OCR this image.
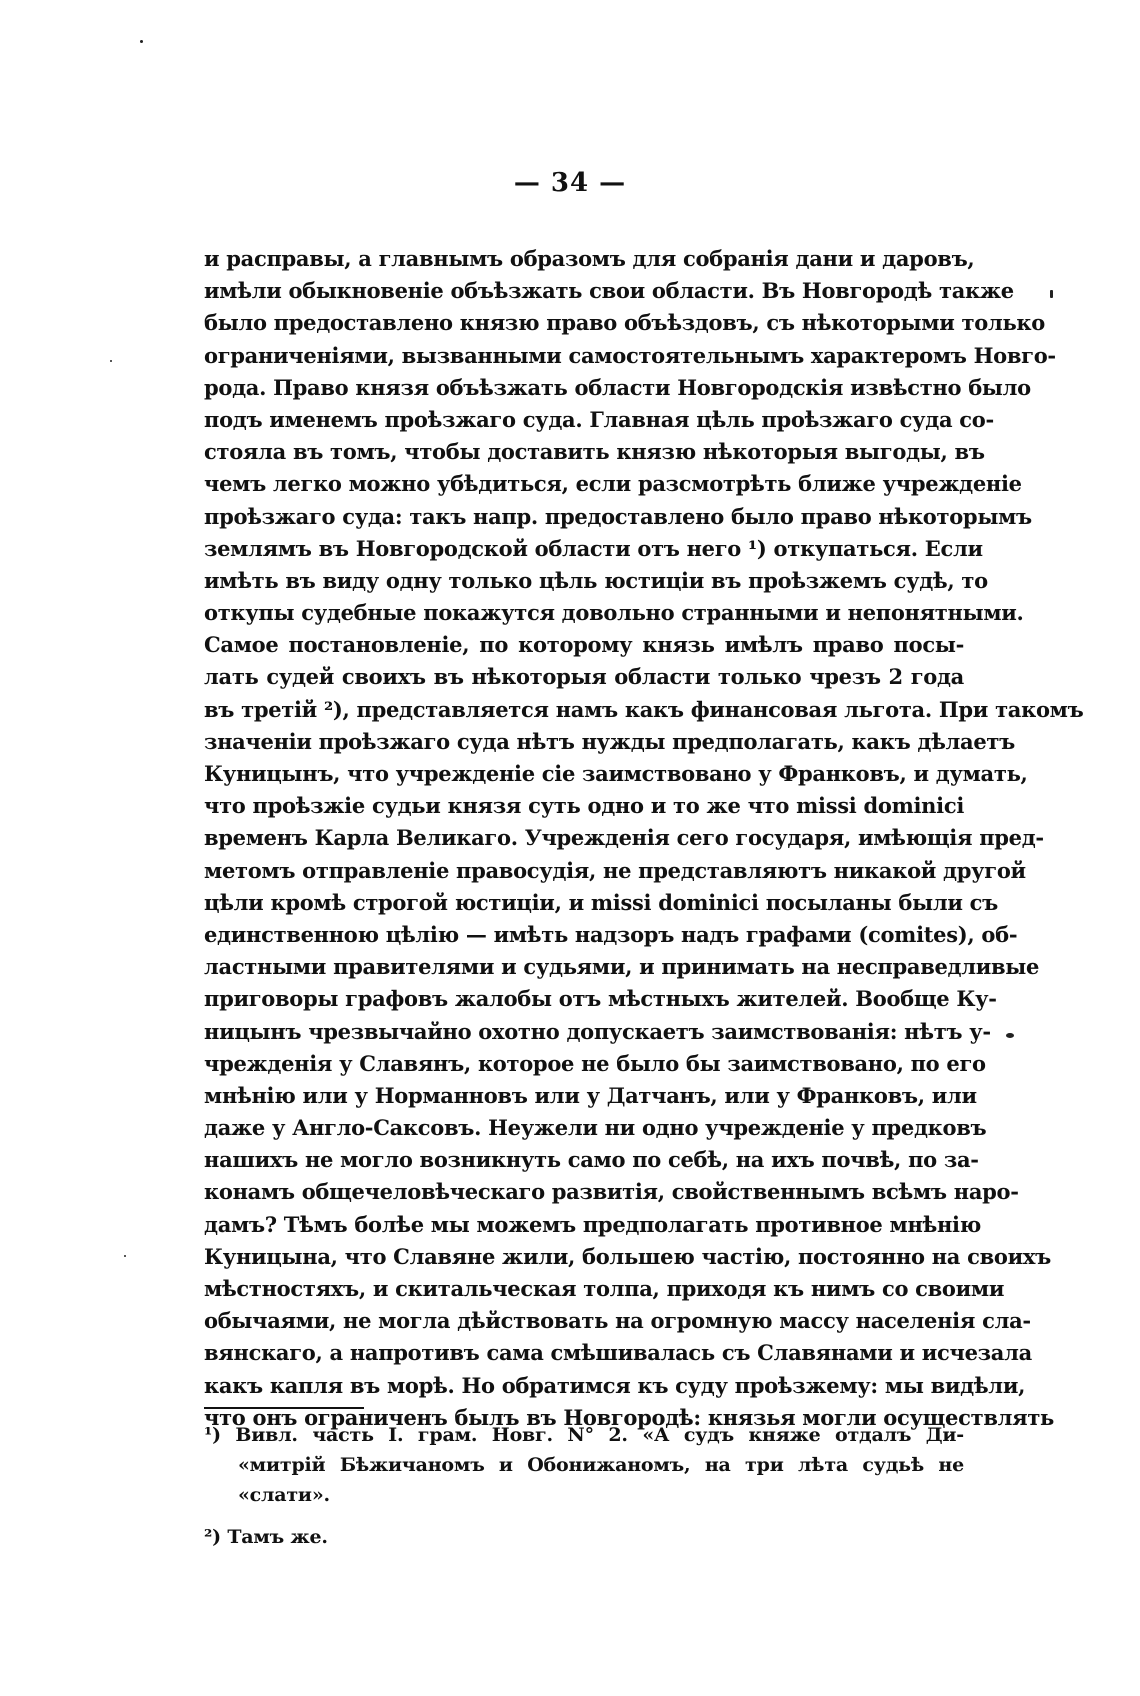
— 34 —
и расправы, а главнымъ образомъ для собранія дани и даровъ,
имѣли обыкновеніе объѣзжать свои области. Въ Новгородѣ также
было предоставлено князю право объѣздовъ, съ нѣкоторыми только
ограниченіями, вызванными самостоятельнымъ характеромъ Новго-
рода. Право князя объѣзжать области Новгородскія извѣстно было
подъ именемъ проѣзжаго суда. Главная цѣль проѣзжаго суда со-
стояла въ томъ, чтобы доставить князю нѣкоторыя выгоды, въ
чемъ легко можно убѣдиться, если разсмотрѣть ближе учрежденіе
проѣзжаго суда: такъ напр. предоставлено было право нѣкоторымъ
землямъ въ Новгородской области отъ него ¹) откупаться. Если
имѣть въ виду одну только цѣль юстиціи въ проѣзжемъ судѣ, то
откупы судебные покажутся довольно странными и непонятными.
Самое постановленіе, по которому князь имѣлъ право посы-
лать судей своихъ въ нѣкоторыя области только чрезъ 2 года
въ третій ²), представляется намъ какъ финансовая льгота. При такомъ
значеніи проѣзжаго суда нѣтъ нужды предполагать, какъ дѣлаетъ
Куницынъ, что учрежденіе сіе заимствовано у Франковъ, и думать,
что проѣзжіе судьи князя суть одно и то же что missi dominici
временъ Карла Великаго. Учрежденія сего государя, имѣющія пред-
метомъ отправленіе правосудія, не представляютъ никакой другой
цѣли кромѣ строгой юстиціи, и missi dominici посыланы были съ
единственною цѣлію — имѣть надзоръ надъ графами (comites), об-
ластными правителями и судьями, и принимать на несправедливые
приговоры графовъ жалобы отъ мѣстныхъ жителей. Вообще Ку-
ницынъ чрезвычайно охотно допускаетъ заимствованія: нѣтъ у-
чрежденія у Славянъ, которое не было бы заимствовано, по его
мнѣнію или у Норманновъ или у Датчанъ, или у Франковъ, или
даже у Англо-Саксовъ. Неужели ни одно учрежденіе у предковъ
нашихъ не могло возникнуть само по себѣ, на ихъ почвѣ, по за-
конамъ общечеловѣческаго развитія, свойственнымъ всѣмъ наро-
дамъ? Тѣмъ болѣе мы можемъ предполагать противное мнѣнію
Куницына, что Славяне жили, большею частію, постоянно на своихъ
мѣстностяхъ, и скитальческая толпа, приходя къ нимъ со своими
обычаями, не могла дѣйствовать на огромную массу населенія сла-
вянскаго, а напротивъ сама смѣшивалась съ Славянами и исчезала
какъ капля въ морѣ. Но обратимся къ суду проѣзжему: мы видѣли,
что онъ ограниченъ былъ въ Новгородѣ: князья могли осуществлять
¹) Вивл. часть I. грам. Новг. N° 2. «А судъ княже отдалъ Ди-
«митрій Бѣжичаномъ и Обонижаномъ, на три лѣта судьѣ не
«слати».
²) Тамъ же.
